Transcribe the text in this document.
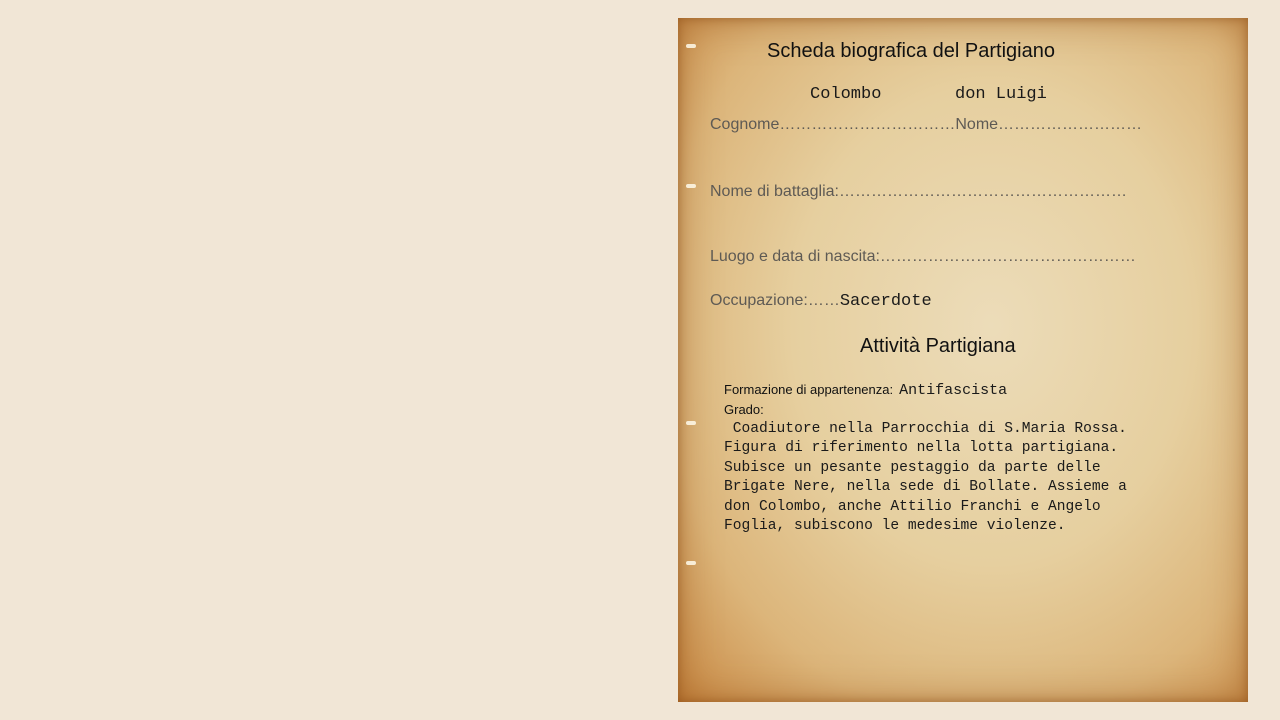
Scheda biografica del Partigiano
Colombo	don Luigi
Cognome……………………………Nome………………………
Nome di battaglia:………………………………………………
Luogo e data di nascita:…………………………………………
Occupazione:……Sacerdote
Attività Partigiana
Formazione di appartenenza: Antifascista
Grado:
Coadiutore nella Parrocchia di S.Maria Rossa.
Figura di riferimento nella lotta partigiana.
Subisce un pesante pestaggio da parte delle
Brigate Nere, nella sede di Bollate. Assieme a
don Colombo, anche Attilio Franchi e Angelo
Foglia, subiscono le medesime violenze.
